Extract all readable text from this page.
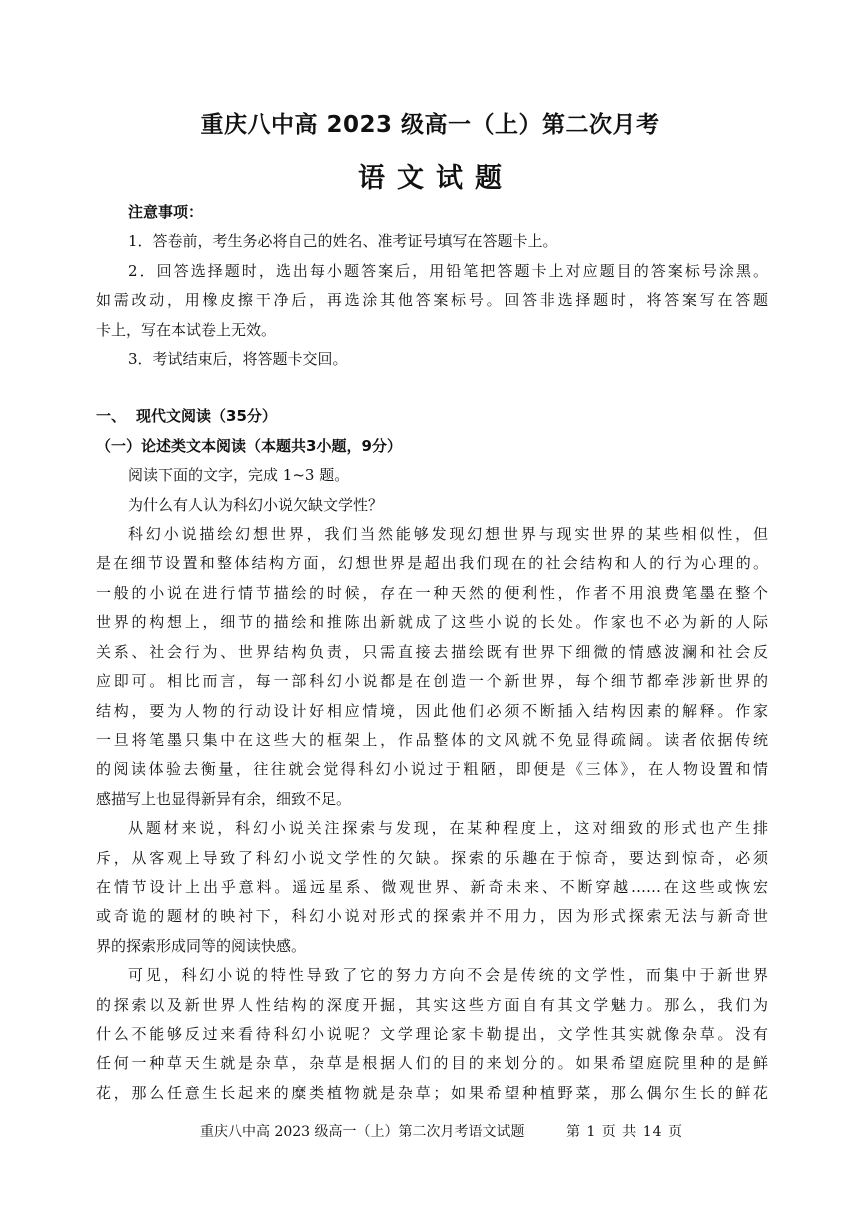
重庆八中高 2023 级高一（上）第二次月考
语文试题
注意事项：
1．答卷前，考生务必将自己的姓名、准考证号填写在答题卡上。
2．回答选择题时，选出每小题答案后，用铅笔把答题卡上对应题目的答案标号涂黑。
如需改动，用橡皮擦干净后，再选涂其他答案标号。回答非选择题时，将答案写在答题
卡上，写在本试卷上无效。
3．考试结束后，将答题卡交回。
一、 现代文阅读（35分）
（一）论述类文本阅读（本题共3小题，9分）
阅读下面的文字，完成 1~3 题。
为什么有人认为科幻小说欠缺文学性？
科幻小说描绘幻想世界，我们当然能够发现幻想世界与现实世界的某些相似性，但
是在细节设置和整体结构方面，幻想世界是超出我们现在的社会结构和人的行为心理的。
一般的小说在进行情节描绘的时候，存在一种天然的便利性，作者不用浪费笔墨在整个
世界的构想上，细节的描绘和推陈出新就成了这些小说的长处。作家也不必为新的人际
关系、社会行为、世界结构负责，只需直接去描绘既有世界下细微的情感波澜和社会反
应即可。相比而言，每一部科幻小说都是在创造一个新世界，每个细节都牵涉新世界的
结构，要为人物的行动设计好相应情境，因此他们必须不断插入结构因素的解释。作家
一旦将笔墨只集中在这些大的框架上，作品整体的文风就不免显得疏阔。读者依据传统
的阅读体验去衡量，往往就会觉得科幻小说过于粗陋，即便是《三体》，在人物设置和情
感描写上也显得新异有余，细致不足。
从题材来说，科幻小说关注探索与发现，在某种程度上，这对细致的形式也产生排
斥，从客观上导致了科幻小说文学性的欠缺。探索的乐趣在于惊奇，要达到惊奇，必须
在情节设计上出乎意料。遥远星系、微观世界、新奇未来、不断穿越……在这些或恢宏
或奇诡的题材的映衬下，科幻小说对形式的探索并不用力，因为形式探索无法与新奇世
界的探索形成同等的阅读快感。
可见，科幻小说的特性导致了它的努力方向不会是传统的文学性，而集中于新世界
的探索以及新世界人性结构的深度开掘，其实这些方面自有其文学魅力。那么，我们为
什么不能够反过来看待科幻小说呢？文学理论家卡勒提出，文学性其实就像杂草。没有
任何一种草天生就是杂草，杂草是根据人们的目的来划分的。如果希望庭院里种的是鲜
花，那么任意生长起来的糜类植物就是杂草；如果希望种植野菜，那么偶尔生长的鲜花
重庆八中高 2023 级高一（上）第二次月考语文试题	第 1 页 共 14 页
